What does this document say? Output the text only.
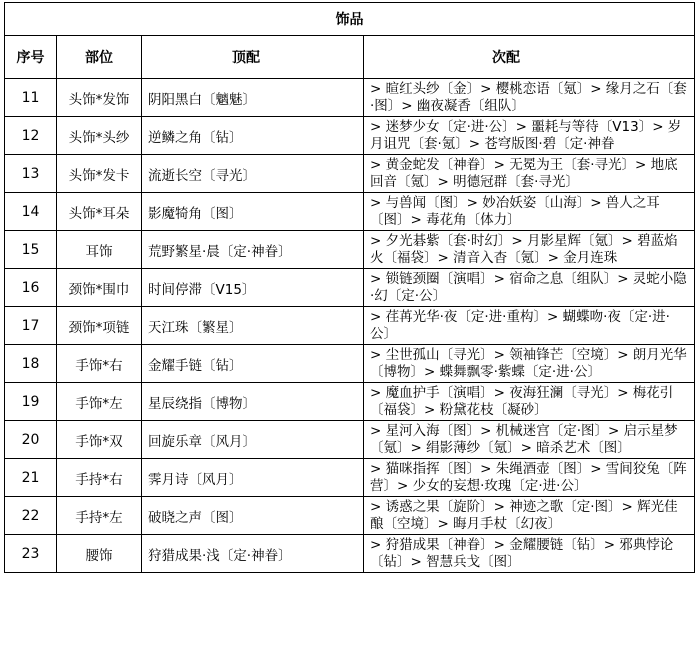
饰品			
序号	部位	顶配	次配
11	头饰*发饰	阴阳黑白〔魑魅〕	> 暄红头纱〔金〕> 樱桃恋语〔氪〕> 缘月之石〔套·图〕> 幽夜凝香〔组队〕
12	头饰*头纱	逆鳞之角〔钻〕	> 迷梦少女〔定·进·公〕> 噩耗与等待〔V13〕> 岁月诅咒〔套·氪〕> 苍穹版图·碧〔定·神眷
13	头饰*发卡	流逝长空〔寻光〕	> 黄金蛇发〔神眷〕> 无冕为王〔套·寻光〕> 地底回音〔氪〕> 明德冠群〔套·寻光〕
14	头饰*耳朵	影魔犄角〔图〕	> 与兽闻〔图〕> 妙冶妖姿〔山海〕> 兽人之耳〔图〕> 毒花角〔体力〕
15	耳饰	荒野繁星·晨〔定·神眷〕	> 夕光碁紫〔套·时幻〕> 月影星辉〔氪〕> 碧蓝焰火〔福袋〕> 清音入杳〔氪〕> 金月连珠
16	颈饰*围巾	时间停滞〔V15〕	> 锁链颈圈〔演唱〕> 宿命之息〔组队〕> 灵蛇小隐·幻〔定·公〕
17	颈饰*项链	天江珠〔繁星〕	> 荏苒光华·夜〔定·进·重构〕> 蝴蝶吻·夜〔定·进·公〕
18	手饰*右	金耀手链〔钻〕	> 尘世孤山〔寻光〕> 领袖锋芒〔空境〕> 朗月光华〔博物〕> 蝶舞飘零·紫蝶〔定·进·公〕
19	手饰*左	星辰绕指〔博物〕	> 魔血护手〔演唱〕> 夜海狂澜〔寻光〕> 梅花引〔福袋〕> 粉黛花枝〔凝砂〕
20	手饰*双	回旋乐章〔风月〕	> 星河入海〔图〕> 机械迷宫〔定·图〕> 启示星梦〔氪〕> 绢影薄纱〔氪〕> 暗杀艺术〔图〕
21	手持*右	霁月诗〔风月〕	> 猫咪指挥〔图〕> 朱绳酒壶〔图〕> 雪间狡兔〔阵营〕> 少女的妄想·玫瑰〔定·进·公〕
22	手持*左	破晓之声〔图〕	> 诱惑之果〔旋阶〕> 神迹之歌〔定·图〕> 辉光佳酿〔空境〕> 晦月手杖〔幻夜〕
23	腰饰	狩猎成果·浅〔定·神眷〕	> 狩猎成果〔神眷〕> 金耀腰链〔钻〕> 邪典悖论〔钻〕> 智慧兵戈〔图〕
